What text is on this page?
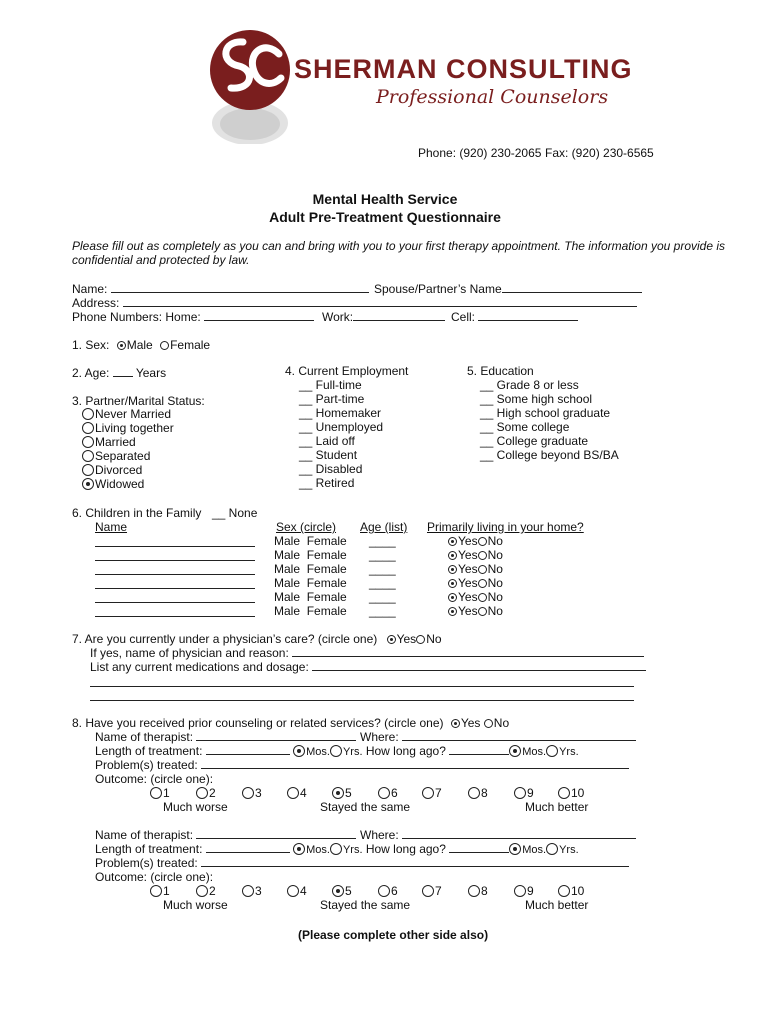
SHERMAN CONSULTING
Professional Counselors
Phone: (920) 230-2065 Fax: (920) 230-6565
Mental Health Service
Adult Pre-Treatment Questionnaire
Please fill out as completely as you can and bring with you to your first therapy appointment. The information you provide is
confidential and protected by law.
Name:	Spouse/Partner’s Name
Address:
Phone Numbers: Home:	Work:	Cell:
1. Sex: Male Female
2. Age: Years
3. Partner/Marital Status:
Never Married
Living together
Married
Separated
Divorced
Widowed
4. Current Employment
__ Full-time
__ Part-time
__ Homemaker
__ Unemployed
__ Laid off
__ Student
__ Disabled
__ Retired
5. Education
__ Grade 8 or less
__ Some high school
__ High school graduate
__ Some college
__ College graduate
__ College beyond BS/BA
6. Children in the Family __ None
Name	Sex (circle) Age (list) Primarily living in your home?
Male Female ____	Yes No
Male Female ____	Yes No
Male Female ____	Yes No
Male Female ____	Yes No
Male Female ____	Yes No
Male Female ____	Yes No
7. Are you currently under a physician’s care? (circle one) Yes No
If yes, name of physician and reason:
List any current medications and dosage:
8. Have you received prior counseling or related services? (circle one) Yes No
Name of therapist:	Where:
Length of treatment:	Mos. Yrs. How long ago?	Mos. Yrs.
Problem(s) treated:
Outcome: (circle one):
1	2	3	4	5	6	7	8	9	10
Much worse	Stayed the same	Much better
Name of therapist:	Where:
Length of treatment:	Mos. Yrs. How long ago?	Mos. Yrs.
Problem(s) treated:
Outcome: (circle one):
1	2	3	4	5	6	7	8	9	10
Much worse	Stayed the same	Much better
(Please complete other side also)
